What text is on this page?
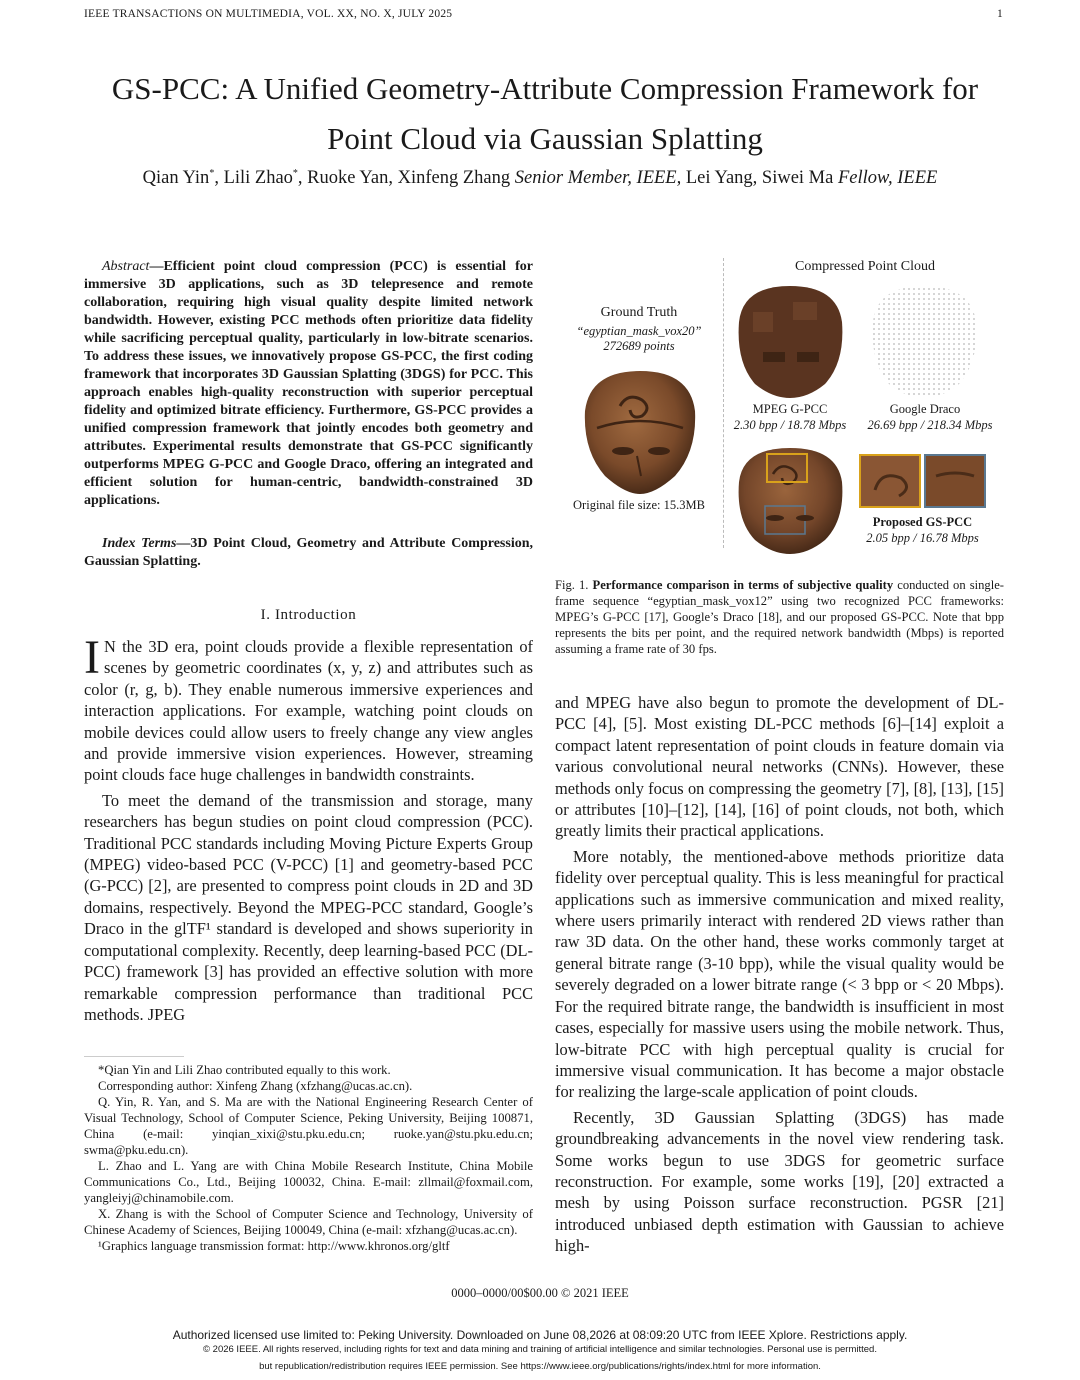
IEEE TRANSACTIONS ON MULTIMEDIA, VOL. XX, NO. X, JULY 2025	1
GS-PCC: A Unified Geometry-Attribute Compression Framework for
Point Cloud via Gaussian Splatting
Qian Yin*, Lili Zhao*, Ruoke Yan, Xinfeng Zhang Senior Member, IEEE, Lei Yang, Siwei Ma Fellow, IEEE
Abstract—Efficient point cloud compression (PCC) is essential for immersive 3D applications, such as 3D telepresence and remote collaboration, requiring high visual quality despite limited network bandwidth. However, existing PCC methods often prioritize data fidelity while sacrificing perceptual quality, particularly in low-bitrate scenarios. To address these issues, we innovatively propose GS-PCC, the first coding framework that incorporates 3D Gaussian Splatting (3DGS) for PCC. This approach enables high-quality reconstruction with superior perceptual fidelity and optimized bitrate efficiency. Furthermore, GS-PCC provides a unified compression framework that jointly encodes both geometry and attributes. Experimental results demonstrate that GS-PCC significantly outperforms MPEG G-PCC and Google Draco, offering an integrated and efficient solution for human-centric, bandwidth-constrained 3D applications.
Index Terms—3D Point Cloud, Geometry and Attribute Compression, Gaussian Splatting.
I. Introduction

I N the 3D era, point clouds provide a flexible representation of scenes by geometric coordinates (x, y, z) and attributes such as color (r, g, b). They enable numerous immersive experiences and interaction applications. For example, watching point clouds on mobile devices could allow users to freely change any view angles and provide immersive vision experiences. However, streaming point clouds face huge challenges in bandwidth constraints.

To meet the demand of the transmission and storage, many researchers has begun studies on point cloud compression (PCC). Traditional PCC standards including Moving Picture Experts Group (MPEG) video-based PCC (V-PCC) [1] and geometry-based PCC (G-PCC) [2], are presented to compress point clouds in 2D and 3D domains, respectively. Beyond the MPEG-PCC standard, Google’s Draco in the glTF¹ standard is developed and shows superiority in computational complexity. Recently, deep learning-based PCC (DL-PCC) framework [3] has provided an effective solution with more remarkable compression performance than traditional PCC methods. JPEG

*Qian Yin and Lili Zhao contributed equally to this work.

Corresponding author: Xinfeng Zhang (xfzhang@ucas.ac.cn).

Q. Yin, R. Yan, and S. Ma are with the National Engineering Research Center of Visual Technology, School of Computer Science, Peking University, Beijing 100871, China (e-mail: yinqian_xixi@stu.pku.edu.cn; ruoke.yan@stu.pku.edu.cn; swma@pku.edu.cn).

L. Zhao and L. Yang are with China Mobile Research Institute, China Mobile Communications Co., Ltd., Beijing 100032, China. E-mail: zllmail@foxmail.com, yangleiyj@chinamobile.com.

X. Zhang is with the School of Computer Science and Technology, University of Chinese Academy of Sciences, Beijing 100049, China (e-mail: xfzhang@ucas.ac.cn).

¹Graphics language transmission format: http://www.khronos.org/gltf

Compressed Point Cloud
Ground Truth
“egyptian_mask_vox20”
272689 points
Original file size: 15.3MB
MPEG G-PCC
2.30 bpp / 18.78 Mbps
Google Draco
26.69 bpp / 218.34 Mbps
Proposed GS-PCC
2.05 bpp / 16.78 Mbps
Fig. 1. Performance comparison in terms of subjective quality conducted on single-frame sequence “egyptian_mask_vox12” using two recognized PCC frameworks: MPEG’s G-PCC [17], Google’s Draco [18], and our proposed GS-PCC. Note that bpp represents the bits per point, and the required network bandwidth (Mbps) is reported assuming a frame rate of 30 fps.

and MPEG have also begun to promote the development of DL-PCC [4], [5]. Most existing DL-PCC methods [6]–[14] exploit a compact latent representation of point clouds in feature domain via various convolutional neural networks (CNNs). However, these methods only focus on compressing the geometry [7], [8], [13], [15] or attributes [10]–[12], [14], [16] of point clouds, not both, which greatly limits their practical applications.

More notably, the mentioned-above methods prioritize data fidelity over perceptual quality. This is less meaningful for practical applications such as immersive communication and mixed reality, where users primarily interact with rendered 2D views rather than raw 3D data. On the other hand, these works commonly target at general bitrate range (3-10 bpp), while the visual quality would be severely degraded on a lower bitrate range (< 3 bpp or < 20 Mbps). For the required bitrate range, the bandwidth is insufficient in most cases, especially for massive users using the mobile network. Thus, low-bitrate PCC with high perceptual quality is crucial for immersive visual communication. It has become a major obstacle for realizing the large-scale application of point clouds.

Recently, 3D Gaussian Splatting (3DGS) has made groundbreaking advancements in the novel view rendering task. Some works begun to use 3DGS for geometric surface reconstruction. For example, some works [19], [20] extracted a mesh by using Poisson surface reconstruction. PGSR [21] introduced unbiased depth estimation with Gaussian to achieve high-

0000–0000/00$00.00 © 2021 IEEE
Authorized licensed use limited to: Peking University. Downloaded on June 08,2026 at 08:09:20 UTC from IEEE Xplore. Restrictions apply.
© 2026 IEEE. All rights reserved, including rights for text and data mining and training of artificial intelligence and similar technologies. Personal use is permitted.
but republication/redistribution requires IEEE permission. See https://www.ieee.org/publications/rights/index.html for more information.
